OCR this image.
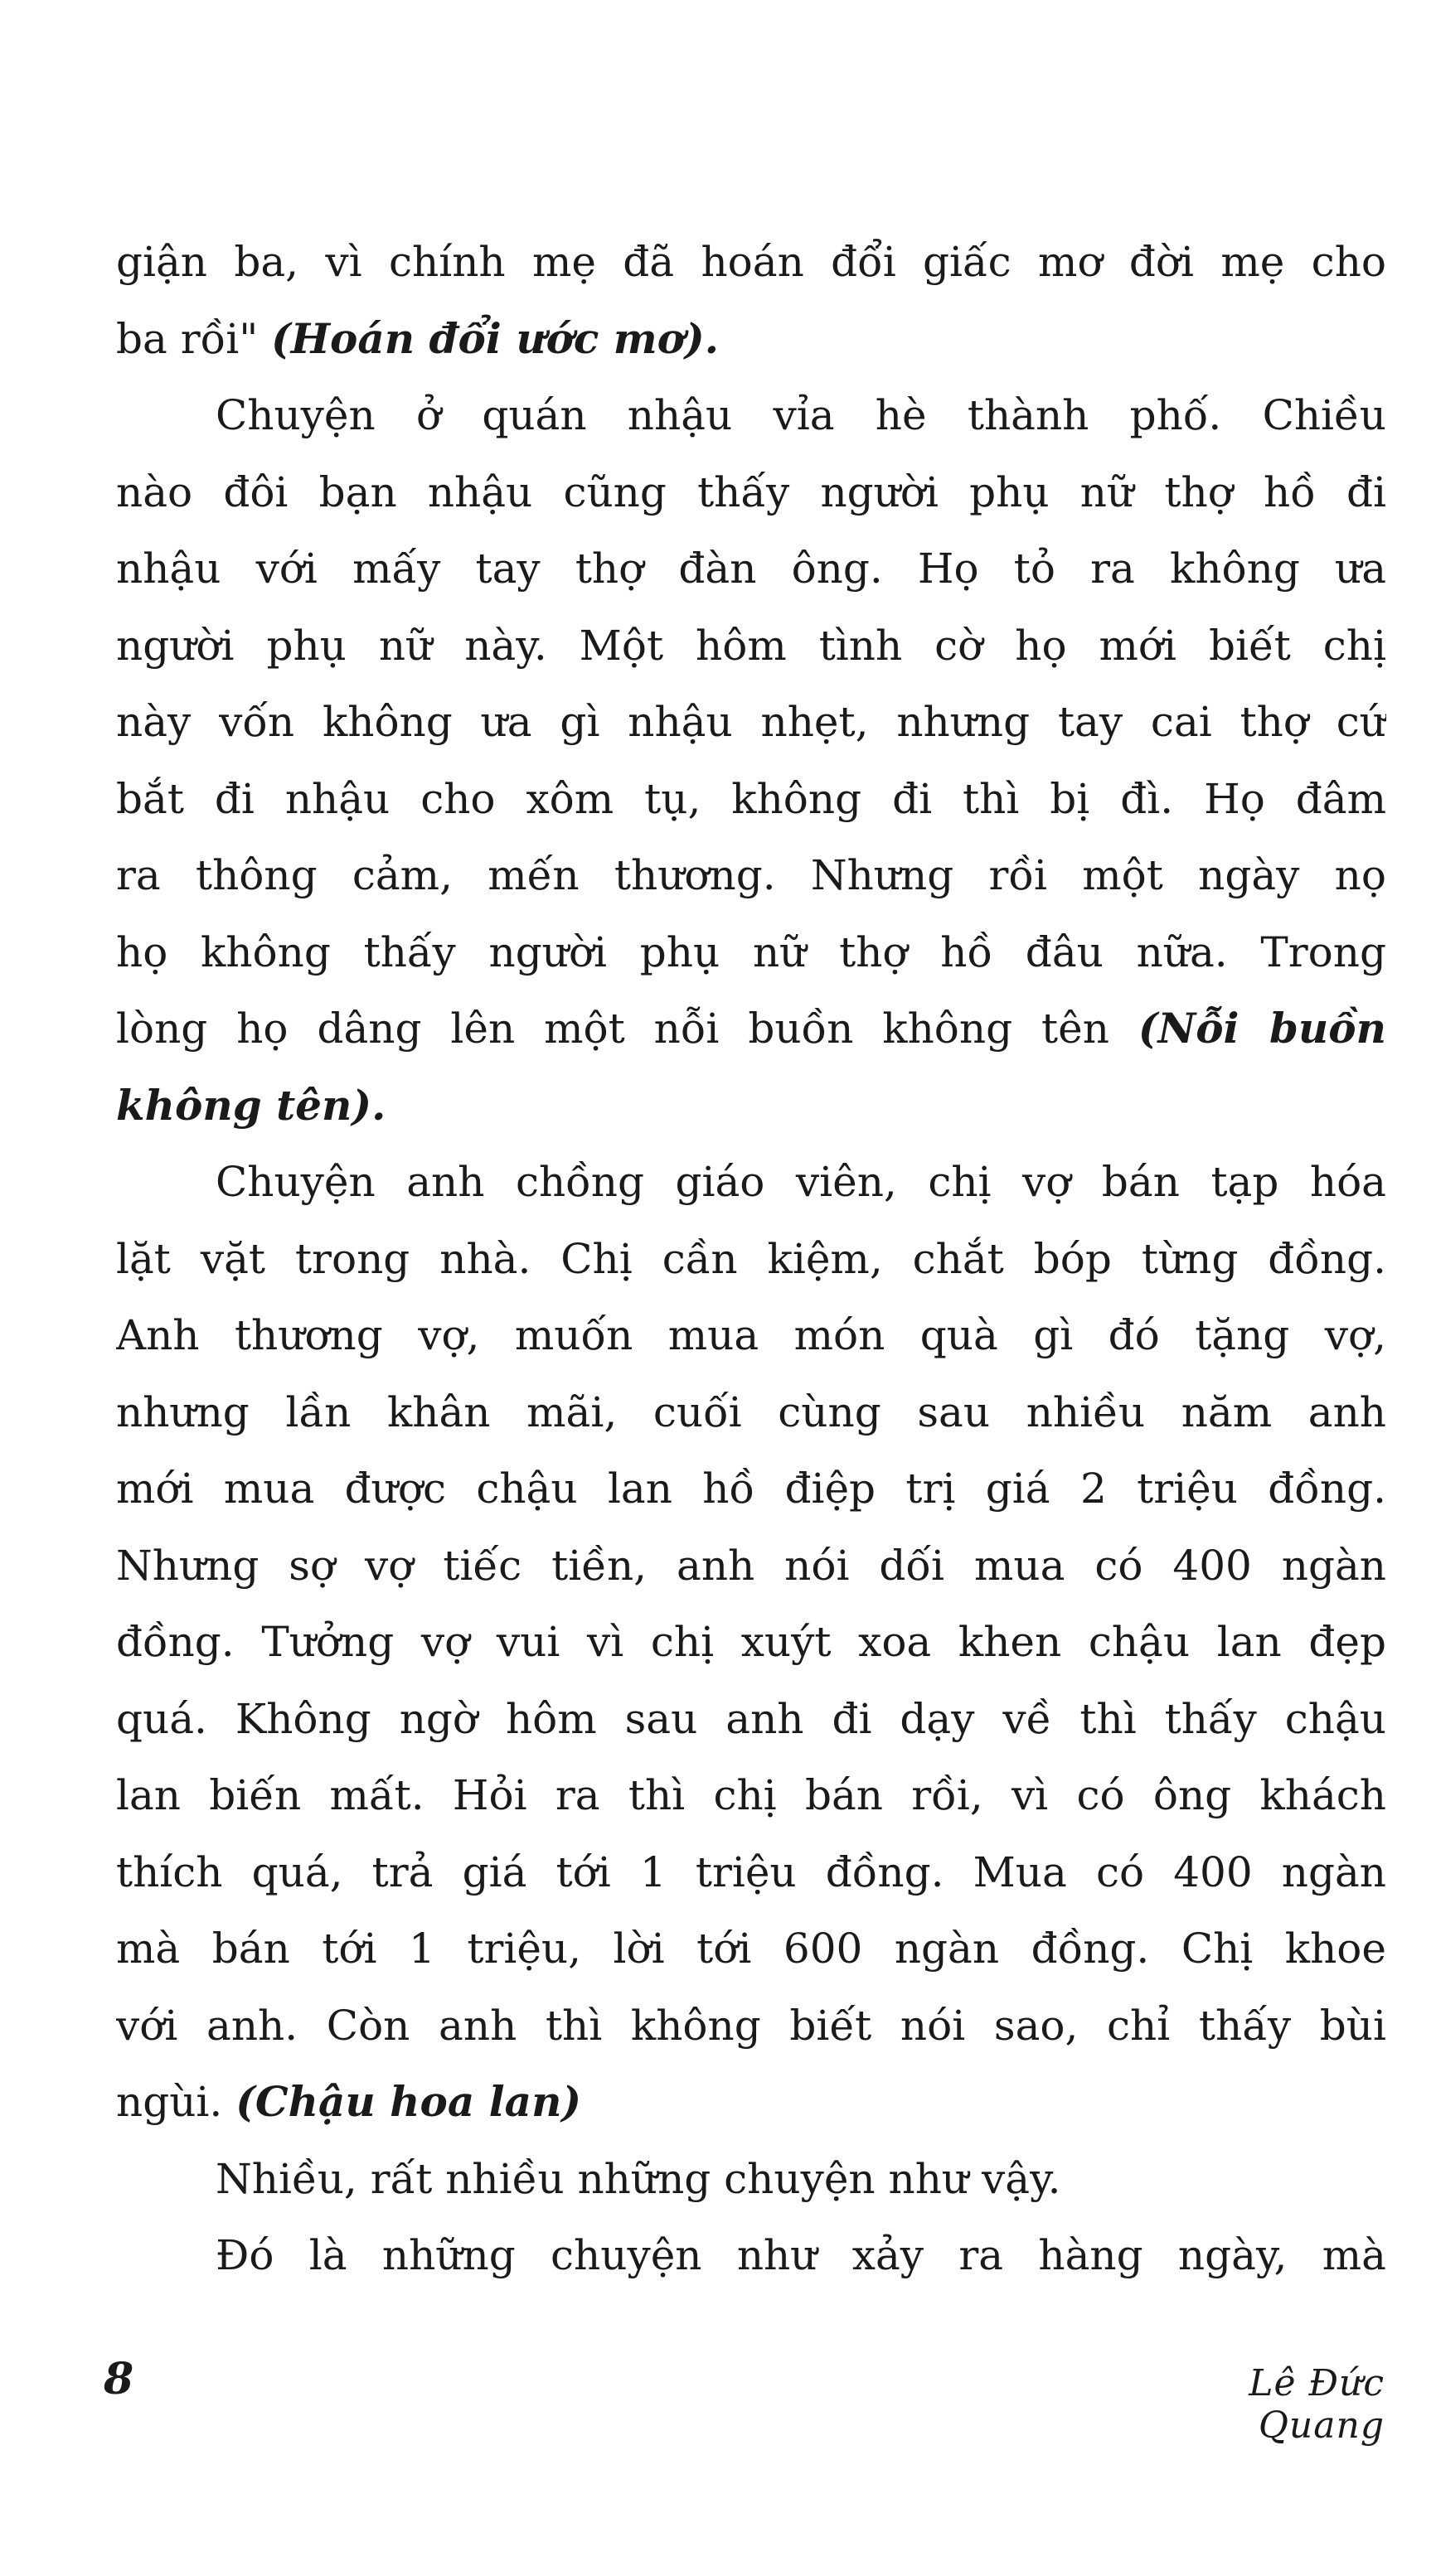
giận ba, vì chính mẹ đã hoán đổi giấc mơ đời mẹ cho
ba rồi" (Hoán đổi ước mơ).
Chuyện ở quán nhậu vỉa hè thành phố. Chiều
nào đôi bạn nhậu cũng thấy người phụ nữ thợ hồ đi
nhậu với mấy tay thợ đàn ông. Họ tỏ ra không ưa
người phụ nữ này. Một hôm tình cờ họ mới biết chị
này vốn không ưa gì nhậu nhẹt, nhưng tay cai thợ cứ
bắt đi nhậu cho xôm tụ, không đi thì bị đì. Họ đâm
ra thông cảm, mến thương. Nhưng rồi một ngày nọ
họ không thấy người phụ nữ thợ hồ đâu nữa. Trong
lòng họ dâng lên một nỗi buồn không tên (Nỗi buồn
không tên).
Chuyện anh chồng giáo viên, chị vợ bán tạp hóa
lặt vặt trong nhà. Chị cần kiệm, chắt bóp từng đồng.
Anh thương vợ, muốn mua món quà gì đó tặng vợ,
nhưng lần khân mãi, cuối cùng sau nhiều năm anh
mới mua được chậu lan hồ điệp trị giá 2 triệu đồng.
Nhưng sợ vợ tiếc tiền, anh nói dối mua có 400 ngàn
đồng. Tưởng vợ vui vì chị xuýt xoa khen chậu lan đẹp
quá. Không ngờ hôm sau anh đi dạy về thì thấy chậu
lan biến mất. Hỏi ra thì chị bán rồi, vì có ông khách
thích quá, trả giá tới 1 triệu đồng. Mua có 400 ngàn
mà bán tới 1 triệu, lời tới 600 ngàn đồng. Chị khoe
với anh. Còn anh thì không biết nói sao, chỉ thấy bùi
ngùi. (Chậu hoa lan)
Nhiều, rất nhiều những chuyện như vậy.
Đó là những chuyện như xảy ra hàng ngày, mà
8	Lê Đức Quang
